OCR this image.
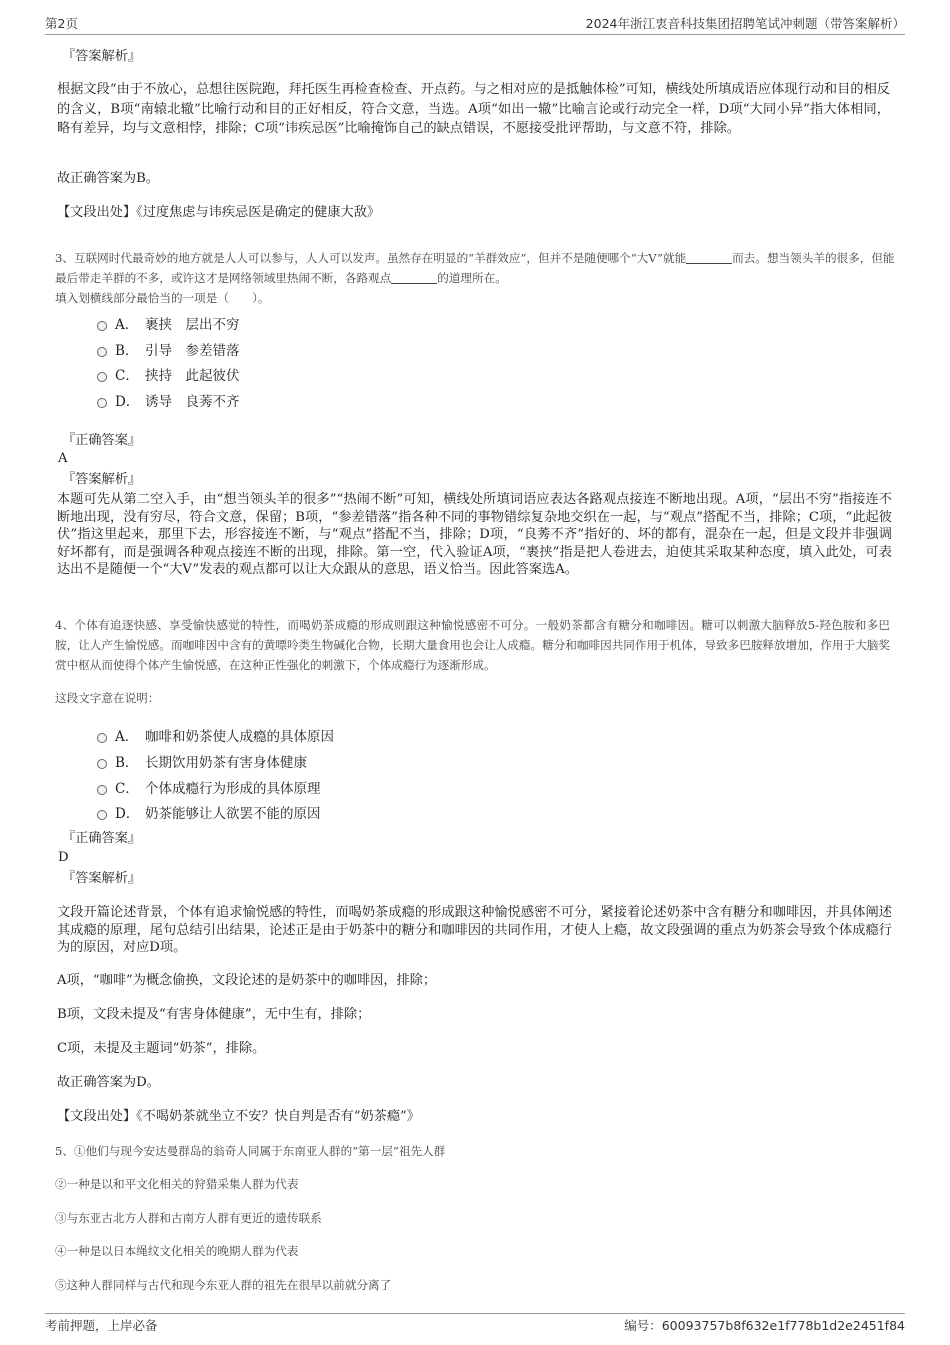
第2页	2024年浙江衷音科技集团招聘笔试冲刺题（带答案解析）

『答案解析』

根据文段“由于不放心，总想往医院跑，拜托医生再检查检查、开点药。与之相对应的是抵触体检”可知，横线处所填成语应体现行动和目的相反的含义，B项“南辕北辙”比喻行动和目的正好相反，符合文意，当选。A项“如出一辙”比喻言论或行动完全一样，D项“大同小异”指大体相同，略有差异，均与文意相悖，排除；C项“讳疾忌医”比喻掩饰自己的缺点错误，不愿接受批评帮助，与文意不符，排除。

故正确答案为B。

【文段出处】《过度焦虑与讳疾忌医是确定的健康大敌》

3、互联网时代最奇妙的地方就是人人可以参与，人人可以发声。虽然存在明显的“羊群效应”，但并不是随便哪个“大V”就能	而去。想当领头羊的很多，但能最后带走羊群的不多，或许这才是网络领域里热闹不断，各路观点	的道理所在。

填入划横线部分最恰当的一项是（　　）。

A． 裹挟　层出不穷
B． 引导　参差错落
C． 挟持　此起彼伏
D． 诱导　良莠不齐

『正确答案』

A

『答案解析』

本题可先从第二空入手，由“想当领头羊的很多”“热闹不断”可知，横线处所填词语应表达各路观点接连不断地出现。A项，“层出不穷”指接连不断地出现，没有穷尽，符合文意，保留；B项，“参差错落”指各种不同的事物错综复杂地交织在一起，与“观点”搭配不当，排除；C项，“此起彼伏”指这里起来，那里下去，形容接连不断，与“观点”搭配不当，排除；D项，“良莠不齐”指好的、坏的都有，混杂在一起，但是文段并非强调好坏都有，而是强调各种观点接连不断的出现，排除。第一空，代入验证A项，“裹挟”指是把人卷进去，迫使其采取某种态度，填入此处，可表达出不是随便一个“大V”发表的观点都可以让大众跟从的意思，语义恰当。因此答案选A。

4、个体有追逐快感、享受愉快感觉的特性，而喝奶茶成瘾的形成则跟这种愉悦感密不可分。一般奶茶都含有糖分和咖啡因。糖可以刺激大脑释放5-羟色胺和多巴胺，让人产生愉悦感。而咖啡因中含有的黄嘌呤类生物碱化合物，长期大量食用也会让人成瘾。糖分和咖啡因共同作用于机体，导致多巴胺释放增加，作用于大脑奖赏中枢从而使得个体产生愉悦感，在这种正性强化的刺激下，个体成瘾行为逐渐形成。

这段文字意在说明：

A． 咖啡和奶茶使人成瘾的具体原因
B． 长期饮用奶茶有害身体健康
C． 个体成瘾行为形成的具体原理
D． 奶茶能够让人欲罢不能的原因

『正确答案』

D

『答案解析』

文段开篇论述背景，个体有追求愉悦感的特性，而喝奶茶成瘾的形成跟这种愉悦感密不可分，紧接着论述奶茶中含有糖分和咖啡因，并具体阐述其成瘾的原理，尾句总结引出结果，论述正是由于奶茶中的糖分和咖啡因的共同作用，才使人上瘾，故文段强调的重点为奶茶会导致个体成瘾行为的原因，对应D项。

A项，“咖啡”为概念偷换，文段论述的是奶茶中的咖啡因，排除；

B项，文段未提及“有害身体健康”，无中生有，排除；

C项，未提及主题词“奶茶”，排除。

故正确答案为D。

【文段出处】《不喝奶茶就坐立不安？快自判是否有“奶茶瘾”》

5、①他们与现今安达曼群岛的翁奇人同属于东南亚人群的“第一层”祖先人群

②一种是以和平文化相关的狩猎采集人群为代表

③与东亚古北方人群和古南方人群有更近的遗传联系

④一种是以日本绳纹文化相关的晚期人群为代表

⑤这种人群同样与古代和现今东亚人群的祖先在很早以前就分离了

考前押题，上岸必备	编号：60093757b8f632e1f778b1d2e2451f84
